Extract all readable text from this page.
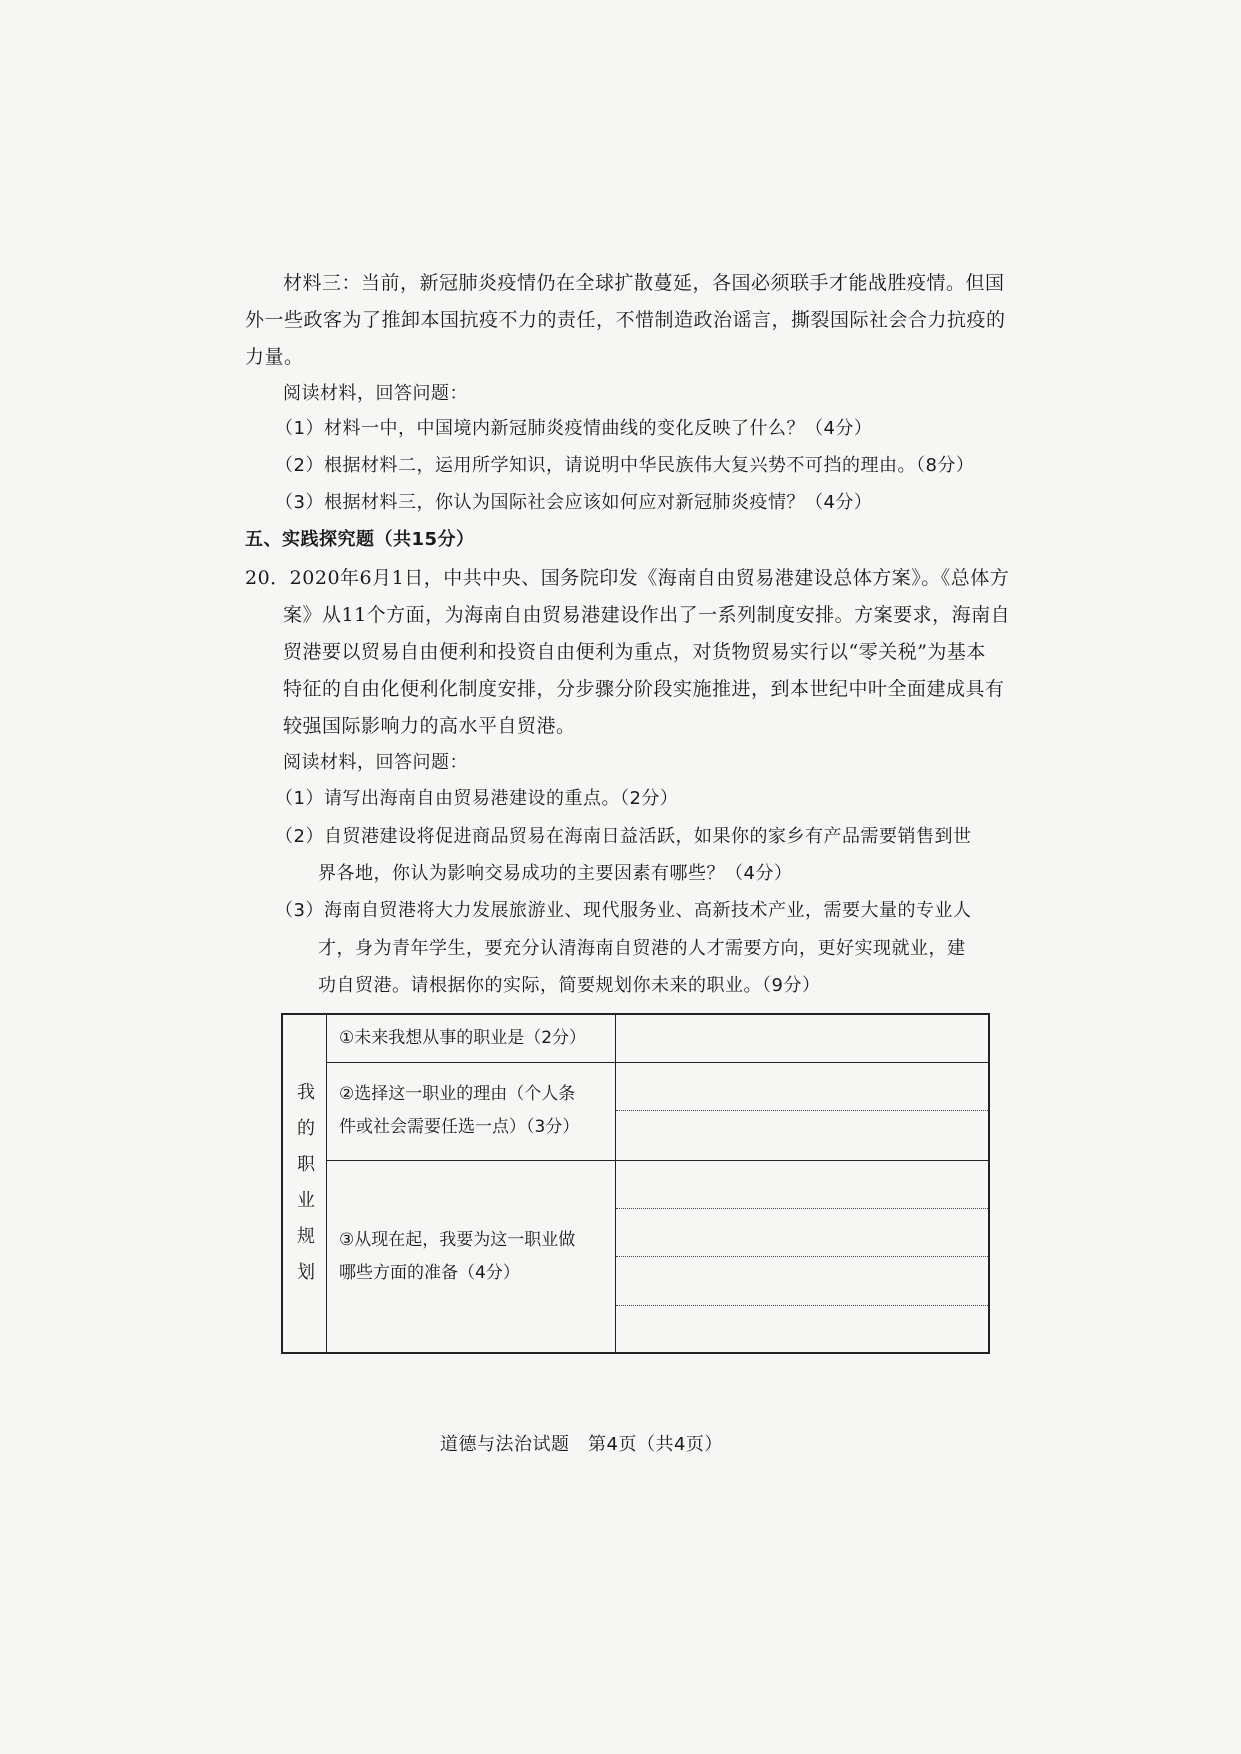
材料三：当前，新冠肺炎疫情仍在全球扩散蔓延，各国必须联手才能战胜疫情。但国
外一些政客为了推卸本国抗疫不力的责任，不惜制造政治谣言，撕裂国际社会合力抗疫的
力量。
阅读材料，回答问题：
（1）材料一中，中国境内新冠肺炎疫情曲线的变化反映了什么？（4分）
（2）根据材料二，运用所学知识，请说明中华民族伟大复兴势不可挡的理由。（8分）
（3）根据材料三，你认为国际社会应该如何应对新冠肺炎疫情？（4分）
五、实践探究题（共15分）
20．2020年6月1日，中共中央、国务院印发《海南自由贸易港建设总体方案》。《总体方
案》从11个方面，为海南自由贸易港建设作出了一系列制度安排。方案要求，海南自
贸港要以贸易自由便利和投资自由便利为重点，对货物贸易实行以“零关税”为基本
特征的自由化便利化制度安排，分步骤分阶段实施推进，到本世纪中叶全面建成具有
较强国际影响力的高水平自贸港。
阅读材料，回答问题：
（1）请写出海南自由贸易港建设的重点。（2分）
（2）自贸港建设将促进商品贸易在海南日益活跃，如果你的家乡有产品需要销售到世
界各地，你认为影响交易成功的主要因素有哪些？（4分）
（3）海南自贸港将大力发展旅游业、现代服务业、高新技术产业，需要大量的专业人
才，身为青年学生，要充分认清海南自贸港的人才需要方向，更好实现就业，建
功自贸港。请根据你的实际，简要规划你未来的职业。（9分）
我
的
职
业
规
划
①未来我想从事的职业是（2分）
②选择这一职业的理由（个人条
件或社会需要任选一点）（3分）
③从现在起，我要为这一职业做
哪些方面的准备（4分）
道德与法治试题　第4页（共4页）
